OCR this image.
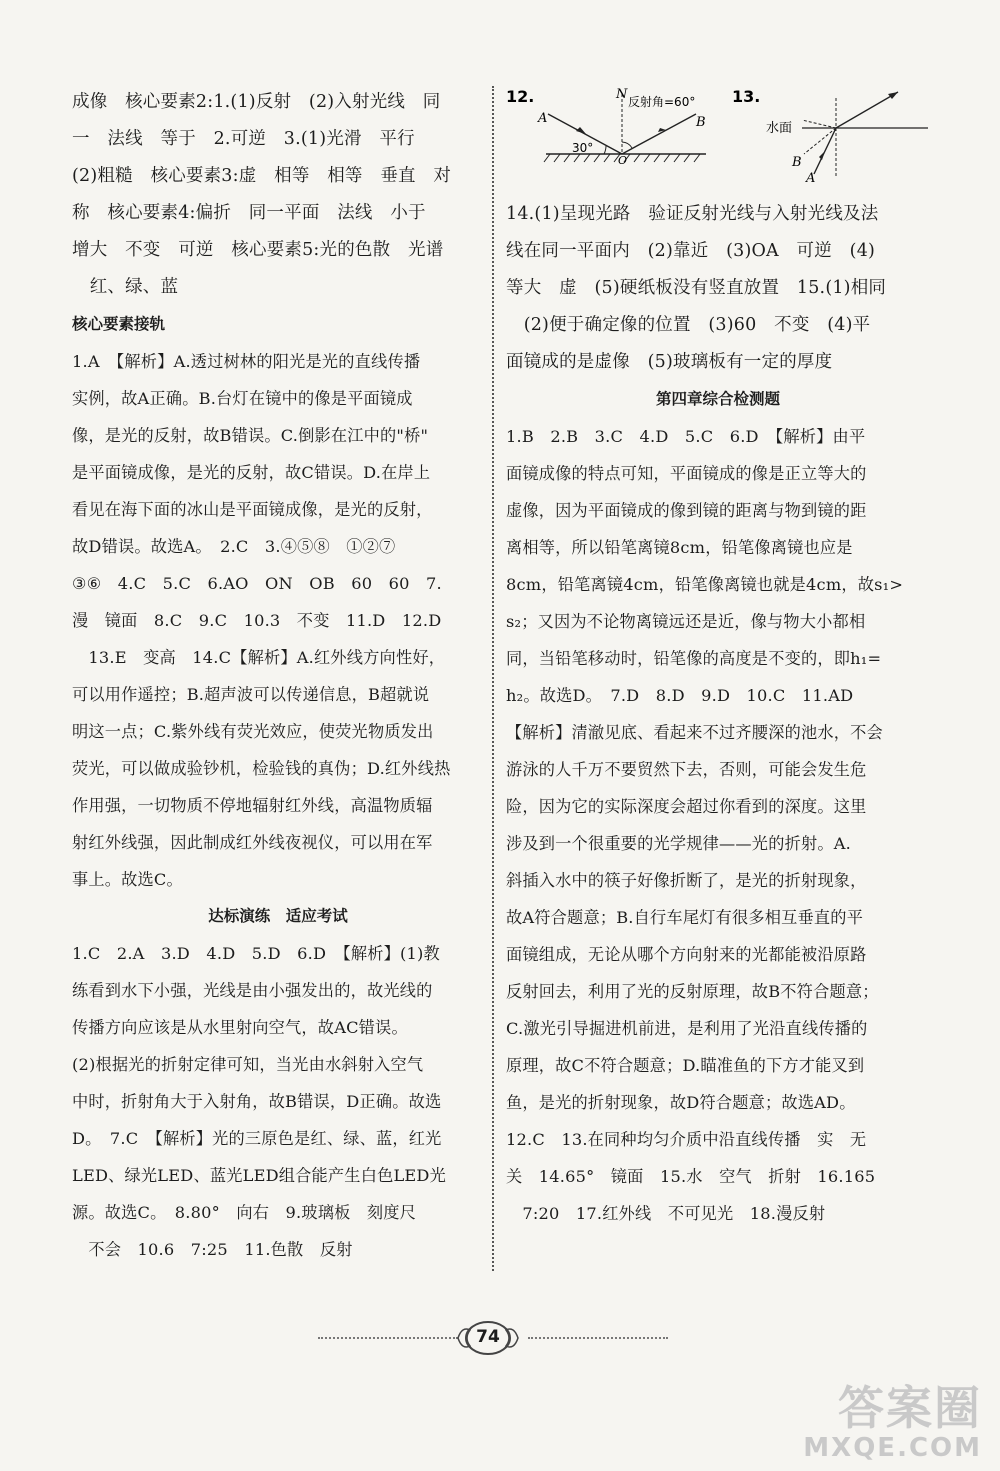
成像　核心要素2:1.(1)反射　(2)入射光线　同
一　法线　等于　2.可逆　3.(1)光滑　平行
(2)粗糙　核心要素3:虚　相等　相等　垂直　对
称　核心要素4:偏折　同一平面　法线　小于
增大　不变　可逆　核心要素5:光的色散　光谱
　红、绿、蓝
核心要素接轨
1.A　【解析】A.透过树林的阳光是光的直线传播
实例，故A正确。B.台灯在镜中的像是平面镜成
像，是光的反射，故B错误。C.倒影在江中的"桥"
是平面镜成像，是光的反射，故C错误。D.在岸上
看见在海下面的冰山是平面镜成像，是光的反射，
故D错误。故选A。　2.C　3.④⑤⑧　①②⑦
③⑥　4.C　5.C　6.AO　ON　OB　60　60　7.
漫　镜面　8.C　9.C　10.3　不变　11.D　12.D
　13.E　变高　14.C【解析】A.红外线方向性好，
可以用作遥控；B.超声波可以传递信息，B超就说
明这一点；C.紫外线有荧光效应，使荧光物质发出
荧光，可以做成验钞机，检验钱的真伪；D.红外线热
作用强，一切物质不停地辐射红外线，高温物质辐
射红外线强，因此制成红外线夜视仪，可以用在军
事上。故选C。
达标演练　适应考试
1.C　2.A　3.D　4.D　5.D　6.D　【解析】(1)教
练看到水下小强，光线是由小强发出的，故光线的
传播方向应该是从水里射向空气，故AC错误。
(2)根据光的折射定律可知，当光由水斜射入空气
中时，折射角大于入射角，故B错误，D正确。故选
D。　7.C　【解析】光的三原色是红、绿、蓝，红光
LED、绿光LED、蓝光LED组合能产生白色LED光
源。故选C。　8.80°　向右　9.玻璃板　刻度尺
　不会　10.6　7:25　11.色散　反射
12.	N 反射角=60°
A	B
O
30°
13.
水面
B
A
14.(1)呈现光路　验证反射光线与入射光线及法
线在同一平面内　(2)靠近　(3)OA　可逆　(4)
等大　虚　(5)硬纸板没有竖直放置　15.(1)相同
　(2)便于确定像的位置　(3)60　不变　(4)平
面镜成的是虚像　(5)玻璃板有一定的厚度
第四章综合检测题
1.B　2.B　3.C　4.D　5.C　6.D　【解析】由平
面镜成像的特点可知，平面镜成的像是正立等大的
虚像，因为平面镜成的像到镜的距离与物到镜的距
离相等，所以铅笔离镜8cm，铅笔像离镜也应是
8cm，铅笔离镜4cm，铅笔像离镜也就是4cm，故s₁>
s₂；又因为不论物离镜远还是近，像与物大小都相
同，当铅笔移动时，铅笔像的高度是不变的，即h₁=
h₂。故选D。　7.D　8.D　9.D　10.C　11.AD
【解析】清澈见底、看起来不过齐腰深的池水，不会
游泳的人千万不要贸然下去，否则，可能会发生危
险，因为它的实际深度会超过你看到的深度。这里
涉及到一个很重要的光学规律——光的折射。A.
斜插入水中的筷子好像折断了，是光的折射现象，
故A符合题意；B.自行车尾灯有很多相互垂直的平
面镜组成，无论从哪个方向射来的光都能被沿原路
反射回去，利用了光的反射原理，故B不符合题意；
C.激光引导掘进机前进，是利用了光沿直线传播的
原理，故C不符合题意；D.瞄准鱼的下方才能叉到
鱼，是光的折射现象，故D符合题意；故选AD。
12.C　13.在同种均匀介质中沿直线传播　实　无
关　14.65°　镜面　15.水　空气　折射　16.165
　7:20　17.红外线　不可见光　18.漫反射
74
答案圈
MXQE.COM
